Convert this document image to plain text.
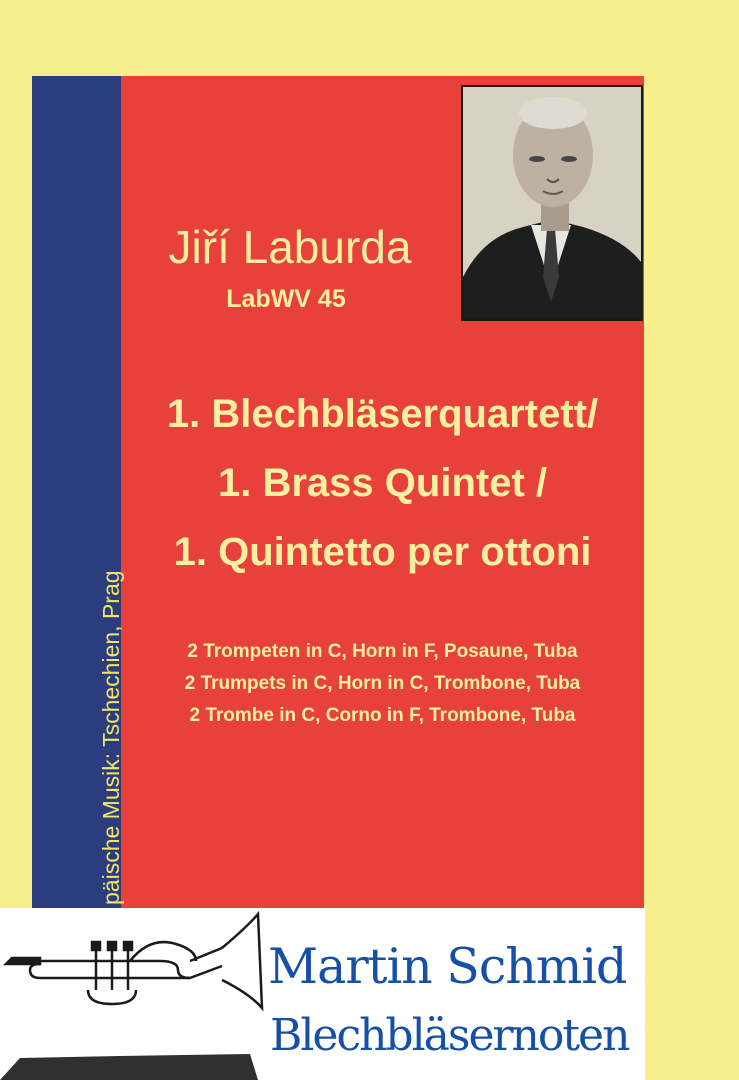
päische Musik: Tschechien, Prag
Jiří Laburda
LabWV 45
1. Blechbläserquartett/
1. Brass Quintet /
1. Quintetto per ottoni
2 Trompeten in C, Horn in F, Posaune, Tuba
2 Trumpets in C, Horn in C, Trombone, Tuba
2 Trombe in C, Corno in F, Trombone, Tuba
Martin Schmid
Blechbläsernoten
